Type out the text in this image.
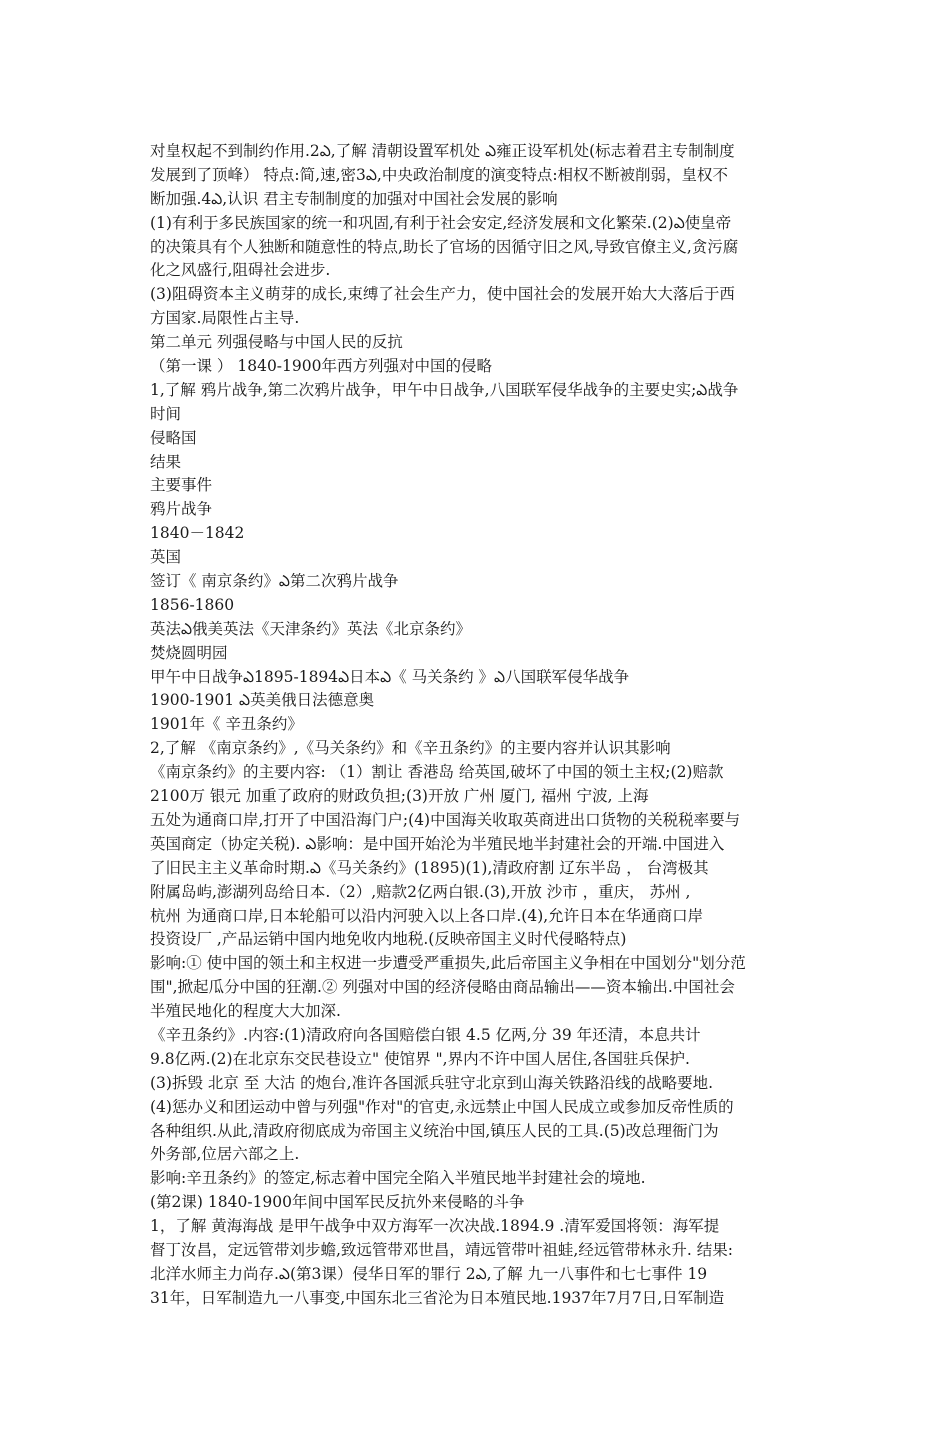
对皇权起不到制约作用.2ఎ,了解 清朝设置军机处 ఎ雍正设军机处(标志着君主专制制度
发展到了顶峰） 特点:简,速,密3ఎ,中央政治制度的演变特点:相权不断被削弱，皇权不
断加强.4ఎ,认识 君主专制制度的加强对中国社会发展的影响
(1)有利于多民族国家的统一和巩固,有利于社会安定,经济发展和文化繁荣.(2)ఎ使皇帝
的决策具有个人独断和随意性的特点,助长了官场的因循守旧之风,导致官僚主义,贪污腐
化之风盛行,阻碍社会进步.
(3)阻碍资本主义萌芽的成长,束缚了社会生产力，使中国社会的发展开始大大落后于西
方国家.局限性占主导.
第二单元 列强侵略与中国人民的反抗
（第一课 ） 1840-1900年西方列强对中国的侵略
1,了解 鸦片战争,第二次鸦片战争，甲午中日战争,八国联军侵华战争的主要史实;ఎ战争
时间
侵略国
结果
主要事件
鸦片战争
1840－1842
英国
签订《 南京条约》ఎ第二次鸦片战争
1856-1860
英法ఎ俄美英法《天津条约》英法《北京条约》
焚烧圆明园
甲午中日战争ఎ1895-1894ఎ日本ఎ《 马关条约 》ఎ八国联军侵华战争
1900-1901 ఎ英美俄日法德意奥
1901年《 辛丑条约》
2,了解 《南京条约》,《马关条约》和《辛丑条约》的主要内容并认识其影响
《南京条约》的主要内容: （1）割让 香港岛 给英国,破坏了中国的领土主权;(2)赔款
2100万 银元 加重了政府的财政负担;(3)开放 广州 厦门, 福州 宁波, 上海
五处为通商口岸,打开了中国沿海门户;(4)中国海关收取英商进出口货物的关税税率要与
英国商定（协定关税). ఎ影响：是中国开始沦为半殖民地半封建社会的开端.中国进入
了旧民主主义革命时期.ఎ《马关条约》(1895)(1),清政府割 辽东半岛 ， 台湾极其
附属岛屿,澎湖列岛给日本.（2）,赔款2亿两白银.(3),开放 沙市 ，重庆， 苏州 ,
杭州 为通商口岸,日本轮船可以沿内河驶入以上各口岸.(4),允许日本在华通商口岸
投资设厂 ,产品运销中国内地免收内地税.(反映帝国主义时代侵略特点)
影响:① 使中国的领土和主权进一步遭受严重损失,此后帝国主义争相在中国划分"划分范
围",掀起瓜分中国的狂潮.② 列强对中国的经济侵略由商品输出——资本输出.中国社会
半殖民地化的程度大大加深.
《辛丑条约》.内容:(1)清政府向各国赔偿白银 4.5 亿两,分 39 年还清，本息共计
9.8亿两.(2)在北京东交民巷设立" 使馆界 ",界内不许中国人居住,各国驻兵保护.
(3)拆毁 北京 至 大沽 的炮台,准许各国派兵驻守北京到山海关铁路沿线的战略要地.
(4)惩办义和团运动中曾与列强"作对"的官吏,永远禁止中国人民成立或参加反帝性质的
各种组织.从此,清政府彻底成为帝国主义统治中国,镇压人民的工具.(5)改总理衙门为
外务部,位居六部之上.
影响:辛丑条约》的签定,标志着中国完全陷入半殖民地半封建社会的境地.
(第2课) 1840-1900年间中国军民反抗外来侵略的斗争
1，了解 黄海海战 是甲午战争中双方海军一次决战.1894.9 .清军爱国将领：海军提
督丁汝昌，定远管带刘步蟾,致远管带邓世昌，靖远管带叶祖蛙,经远管带林永升. 结果:
北洋水师主力尚存.ఎ(第3课）侵华日军的罪行 2ఎ,了解 九一八事件和七七事件 19
31年，日军制造九一八事变,中国东北三省沦为日本殖民地.1937年7月7日,日军制造
